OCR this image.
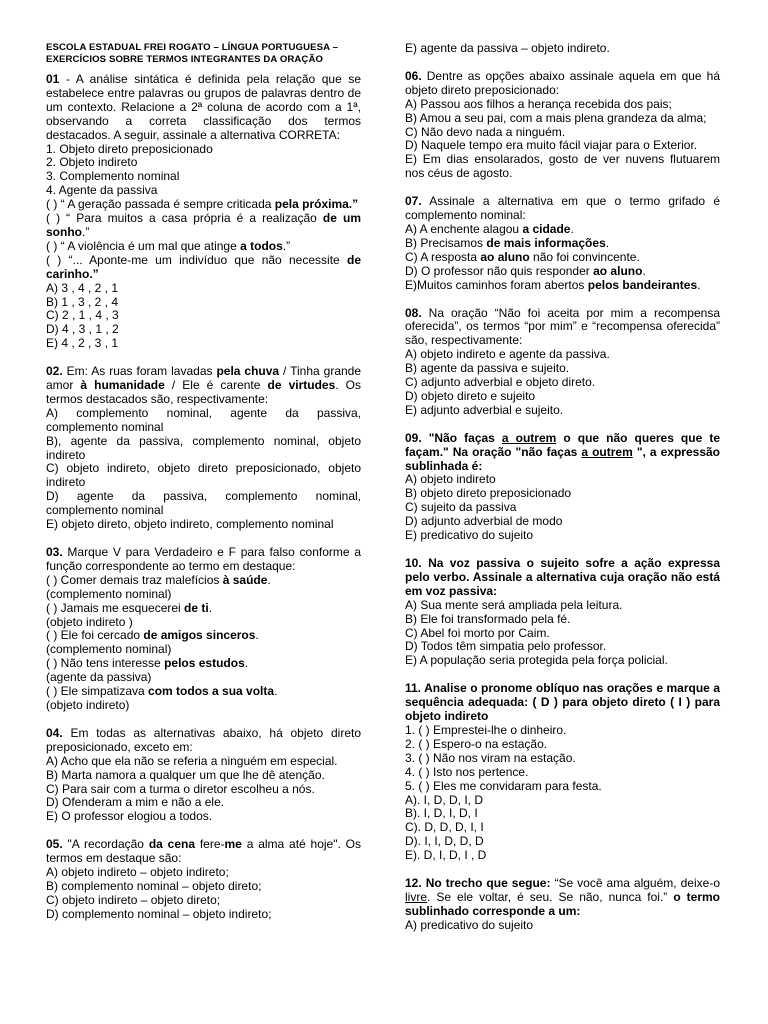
ESCOLA ESTADUAL FREI ROGATO – LÍNGUA PORTUGUESA –
EXERCÍCIOS SOBRE TERMOS INTEGRANTES DA ORAÇÃO

01 - A análise sintática é definida pela relação que se estabelece entre palavras ou grupos de palavras dentro de um contexto. Relacione a 2ª coluna de acordo com a 1ª, observando a correta classificação dos termos destacados. A seguir, assinale a alternativa CORRETA:

1. Objeto direto preposicionado

2. Objeto indireto

3. Complemento nominal

4. Agente da passiva

( ) “ A geração passada é sempre criticada pela próxima.”

( ) “ Para muitos a casa própria é a realização de um sonho.”

( ) “ A violência é um mal que atinge a todos.”

( ) “... Aponte-me um indivíduo que não necessite de carinho.”

A) 3 , 4 , 2 , 1

B) 1 , 3 , 2 , 4

C) 2 , 1 , 4 , 3

D) 4 , 3 , 1 , 2

E) 4 , 2 , 3 , 1

02. Em: As ruas foram lavadas pela chuva / Tinha grande amor à humanidade / Ele é carente de virtudes. Os termos destacados são, respectivamente:

A) complemento nominal, agente da passiva, complemento nominal

B), agente da passiva, complemento nominal, objeto indireto

C) objeto indireto, objeto direto preposicionado, objeto indireto

D) agente da passiva, complemento nominal, complemento nominal

E) objeto direto, objeto indireto, complemento nominal

03. Marque V para Verdadeiro e F para falso conforme a função correspondente ao termo em destaque:

( ) Comer demais traz malefícios à saúde.

(complemento nominal)

( ) Jamais me esquecerei de ti.

(objeto indireto )

( ) Ele foi cercado de amigos sinceros.

(complemento nominal)

( ) Não tens interesse pelos estudos.

(agente da passiva)

( ) Ele simpatizava com todos a sua volta.

(objeto indireto)

04. Em todas as alternativas abaixo, há objeto direto preposicionado, exceto em:

A) Acho que ela não se referia a ninguém em especial.

B) Marta namora a qualquer um que lhe dê atenção.

C) Para sair com a turma o diretor escolheu a nós.

D) Ofenderam a mim e não a ele.

E) O professor elogiou a todos.

05. "A recordação da cena fere-me a alma até hoje". Os termos em destaque são:

A) objeto indireto – objeto indireto;

B) complemento nominal – objeto direto;

C) objeto indireto – objeto direto;

D) complemento nominal – objeto indireto;

E) agente da passiva – objeto indireto.

06. Dentre as opções abaixo assinale aquela em que há objeto direto preposicionado:

A) Passou aos filhos a herança recebida dos pais;

B) Amou a seu pai, com a mais plena grandeza da alma;

C) Não devo nada a ninguém.

D) Naquele tempo era muito fácil viajar para o Exterior.

E) Em dias ensolarados, gosto de ver nuvens flutuarem nos céus de agosto.

07. Assinale a alternativa em que o termo grifado é complemento nominal:

A) A enchente alagou a cidade.

B) Precisamos de mais informações.

C) A resposta ao aluno não foi convincente.

D) O professor não quis responder ao aluno.

E)Muitos caminhos foram abertos pelos bandeirantes.

08. Na oração “Não foi aceita por mim a recompensa oferecida”, os termos “por mim” e “recompensa oferecida” são, respectivamente:

A) objeto indireto e agente da passiva.

B) agente da passiva e sujeito.

C) adjunto adverbial e objeto direto.

D) objeto direto e sujeito

E) adjunto adverbial e sujeito.

09. "Não faças a outrem o que não queres que te façam." Na oração "não faças a outrem ", a expressão sublinhada é:

A) objeto indireto

B) objeto direto preposicionado

C) sujeito da passiva

D) adjunto adverbial de modo

E) predicativo do sujeito

10. Na voz passiva o sujeito sofre a ação expressa pelo verbo. Assinale a alternativa cuja oração não está em voz passiva:

A) Sua mente será ampliada pela leitura.

B) Ele foi transformado pela fé.

C) Abel foi morto por Caim.

D) Todos têm simpatia pelo professor.

E) A população seria protegida pela força policial.

11. Analise o pronome oblíquo nas orações e marque a sequência adequada: ( D ) para objeto direto ( I ) para objeto indireto

1. ( ) Emprestei-lhe o dinheiro.

2. ( ) Espero-o na estação.

3. ( ) Não nos viram na estação.

4. ( ) Isto nos pertence.

5. ( ) Eles me convidaram para festa.

A). I, D, D, I, D

B). I, D, I, D, I

C). D, D, D, I, I

D). I, I, D, D, D

E). D, I, D, I , D

12. No trecho que segue: “Se você ama alguém, deixe-o livre. Se ele voltar, é seu. Se não, nunca foi.” o termo sublinhado corresponde a um:

A) predicativo do sujeito
